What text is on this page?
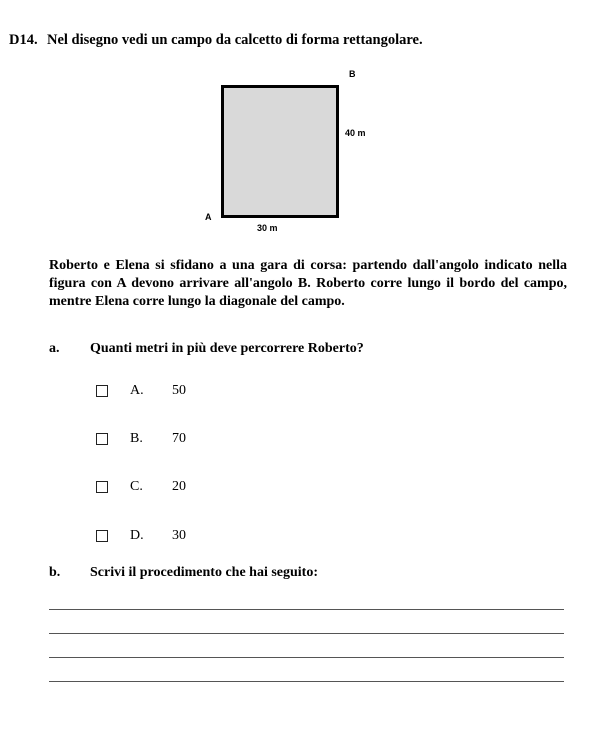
D14. Nel disegno vedi un campo da calcetto di forma rettangolare.
B
40 m
A
30 m
Roberto e Elena si sfidano a una gara di corsa: partendo dall'angolo indicato nella figura con A devono arrivare all'angolo B. Roberto corre lungo il bordo del campo, mentre Elena corre lungo la diagonale del campo.
a. Quanti metri in più deve percorrere Roberto?
A. 50
B. 70
C. 20
D. 30
b. Scrivi il procedimento che hai seguito:
